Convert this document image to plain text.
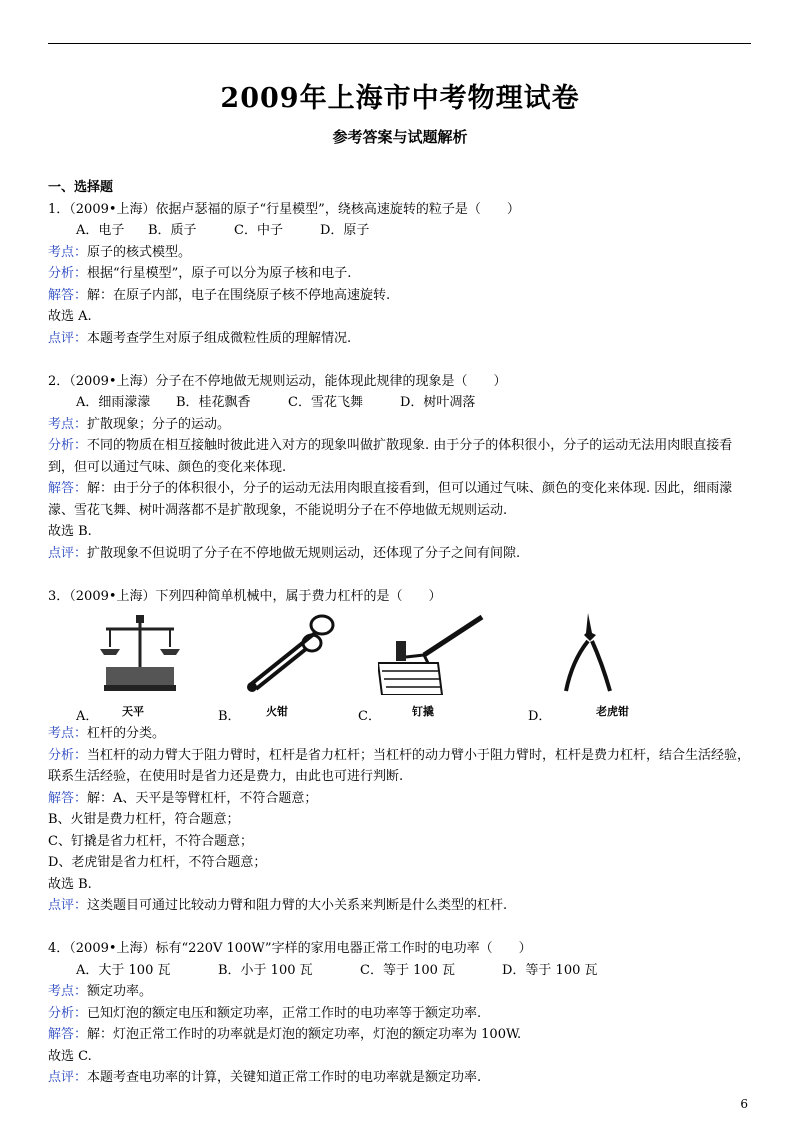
2009年上海市中考物理试卷
参考答案与试题解析
一、选择题
1．（2009•上海）依据卢瑟福的原子“行星模型”，绕核高速旋转的粒子是（　　）
A．电子 B．质子	C．中子	D．原子
考点：原子的核式模型。
分析：根据“行星模型”，原子可以分为原子核和电子.
解答：解：在原子内部，电子在围绕原子核不停地高速旋转.
故选 A.
点评：本题考查学生对原子组成微粒性质的理解情况.
2．（2009•上海）分子在不停地做无规则运动，能体现此规律的现象是（　　）
A．细雨濛濛 B．桂花飘香	C．雪花飞舞	D．树叶凋落
考点：扩散现象；分子的运动。
分析：不同的物质在相互接触时彼此进入对方的现象叫做扩散现象. 由于分子的体积很小，分子的运动无法用肉眼直接看到，但可以通过气味、颜色的变化来体现.
解答：解：由于分子的体积很小，分子的运动无法用肉眼直接看到，但可以通过气味、颜色的变化来体现. 因此，细雨濛濛、雪花飞舞、树叶凋落都不是扩散现象，不能说明分子在不停地做无规则运动.
故选 B.
点评：扩散现象不但说明了分子在不停地做无规则运动，还体现了分子之间有间隙.
3．（2009•上海）下列四种简单机械中，属于费力杠杆的是（　　）
天平	火钳	钉撬	老虎钳
A．	B．	C．	D．
考点：杠杆的分类。
分析：当杠杆的动力臂大于阻力臂时，杠杆是省力杠杆；当杠杆的动力臂小于阻力臂时，杠杆是费力杠杆，结合生活经验，联系生活经验，在使用时是省力还是费力，由此也可进行判断.
解答：解：A、天平是等臂杠杆，不符合题意；
B、火钳是费力杠杆，符合题意；
C、钉撬是省力杠杆，不符合题意；
D、老虎钳是省力杠杆，不符合题意；
故选 B.
点评：这类题目可通过比较动力臂和阻力臂的大小关系来判断是什么类型的杠杆.
4．（2009•上海）标有“220V 100W”字样的家用电器正常工作时的电功率（　　）
A．大于 100 瓦	B．小于 100 瓦	C．等于 100 瓦	D．等于 100 瓦
考点：额定功率。
分析：已知灯泡的额定电压和额定功率，正常工作时的电功率等于额定功率.
解答：解：灯泡正常工作时的功率就是灯泡的额定功率，灯泡的额定功率为 100W.
故选 C.
点评：本题考查电功率的计算，关键知道正常工作时的电功率就是额定功率.
6
